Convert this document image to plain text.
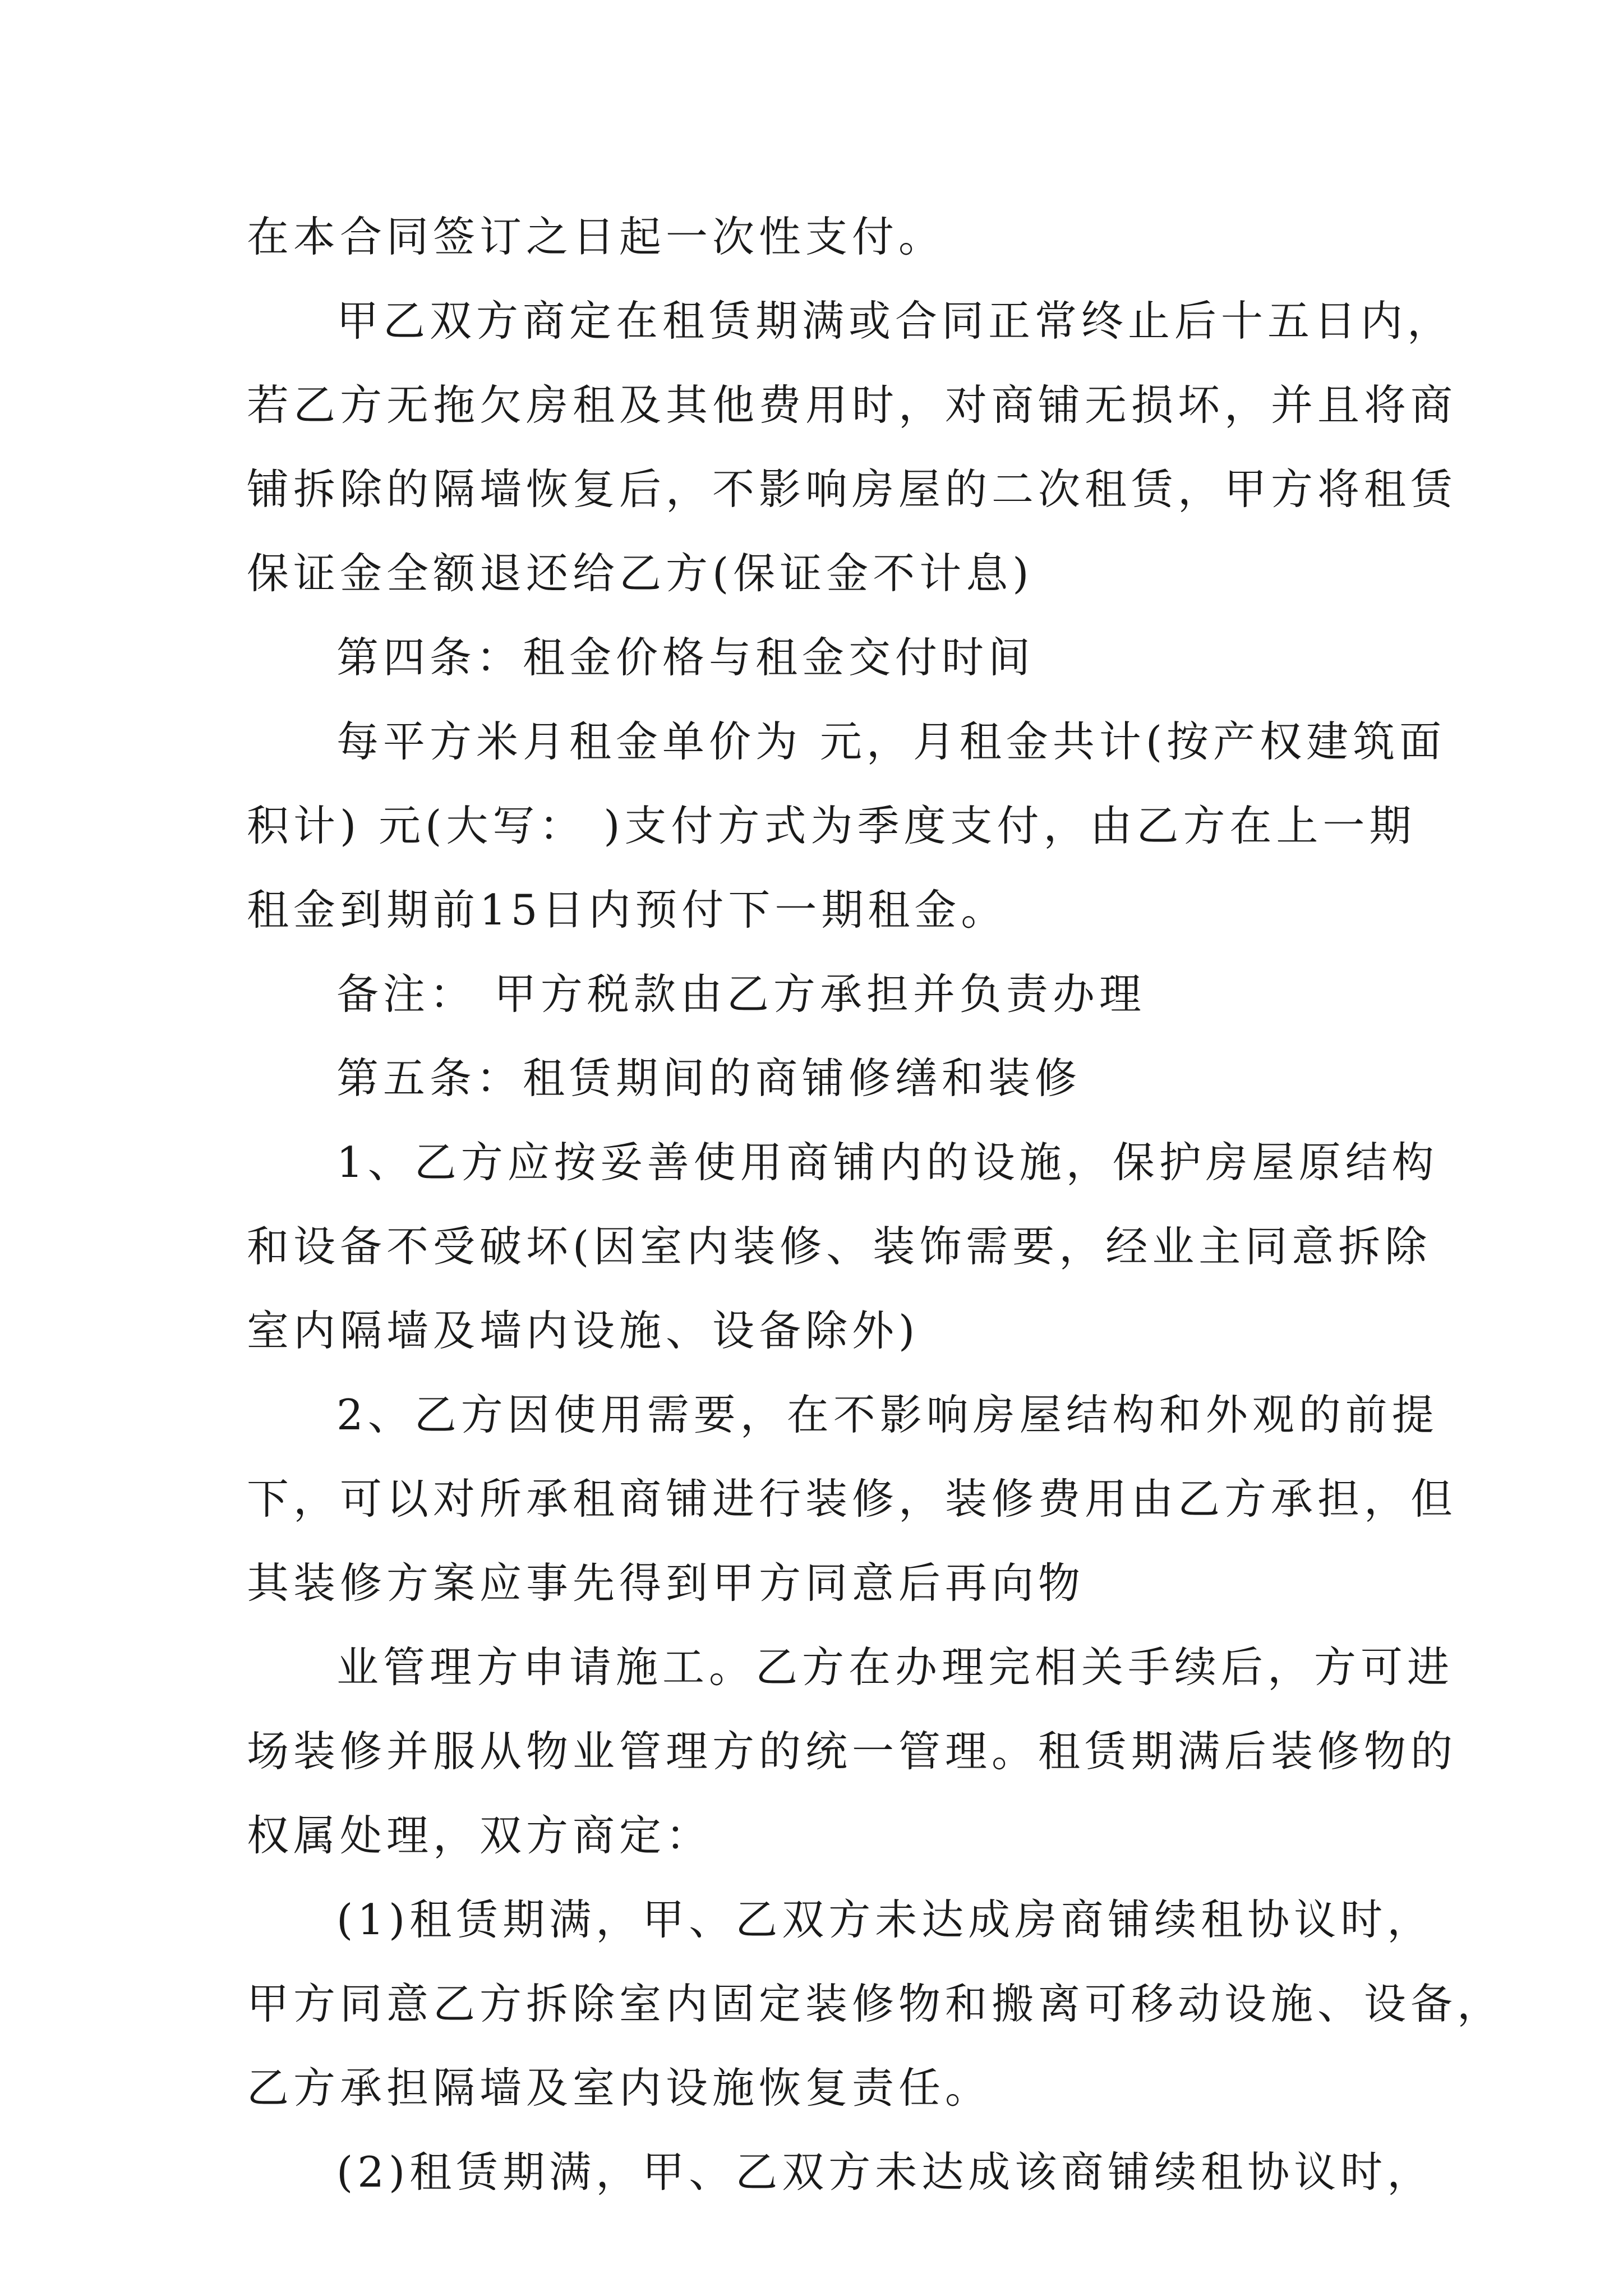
在本合同签订之日起一次性支付。
甲乙双方商定在租赁期满或合同正常终止后十五日内，
若乙方无拖欠房租及其他费用时，对商铺无损坏，并且将商
铺拆除的隔墙恢复后，不影响房屋的二次租赁，甲方将租赁
保证金全额退还给乙方(保证金不计息)
第四条：租金价格与租金交付时间
每平方米月租金单价为 元，月租金共计(按产权建筑面
积计) 元(大写： )支付方式为季度支付，由乙方在上一期
租金到期前15日内预付下一期租金。
备注： 甲方税款由乙方承担并负责办理
第五条：租赁期间的商铺修缮和装修
1、乙方应按妥善使用商铺内的设施，保护房屋原结构
和设备不受破坏(因室内装修、装饰需要，经业主同意拆除
室内隔墙及墙内设施、设备除外)
2、乙方因使用需要，在不影响房屋结构和外观的前提
下，可以对所承租商铺进行装修，装修费用由乙方承担，但
其装修方案应事先得到甲方同意后再向物
业管理方申请施工。乙方在办理完相关手续后，方可进
场装修并服从物业管理方的统一管理。租赁期满后装修物的
权属处理，双方商定：
(1)租赁期满，甲、乙双方未达成房商铺续租协议时，
甲方同意乙方拆除室内固定装修物和搬离可移动设施、设备，
乙方承担隔墙及室内设施恢复责任。
(2)租赁期满，甲、乙双方未达成该商铺续租协议时，
